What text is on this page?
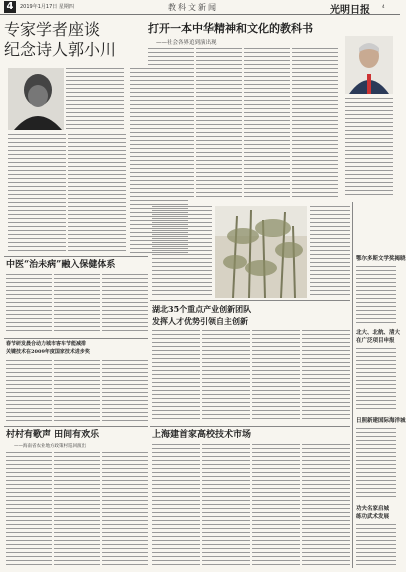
4	2019年1月17日 星期四	教科文新闻	光明日报	4
专家学者座谈
纪念诗人郭小川
打开一本中华精神和文化的教科书
——社会各界追到演出现
鄂尔多斯文学奖揭晓
北大、北航、清大
在广泛项目申报
日照新建国际海洋城
功夫名家启城
练功武术发展
中医“治未病”融入保健体系
春节研发晨合动力城市客车节能减排
关键技术在2009年度国家技术进步奖
村村有歌声 田间有欢乐
——海南省农业地方政策村巡回演出
湖北35个重点产业创新团队
发挥人才优势引领自主创新
上海建首家高校技术市场
